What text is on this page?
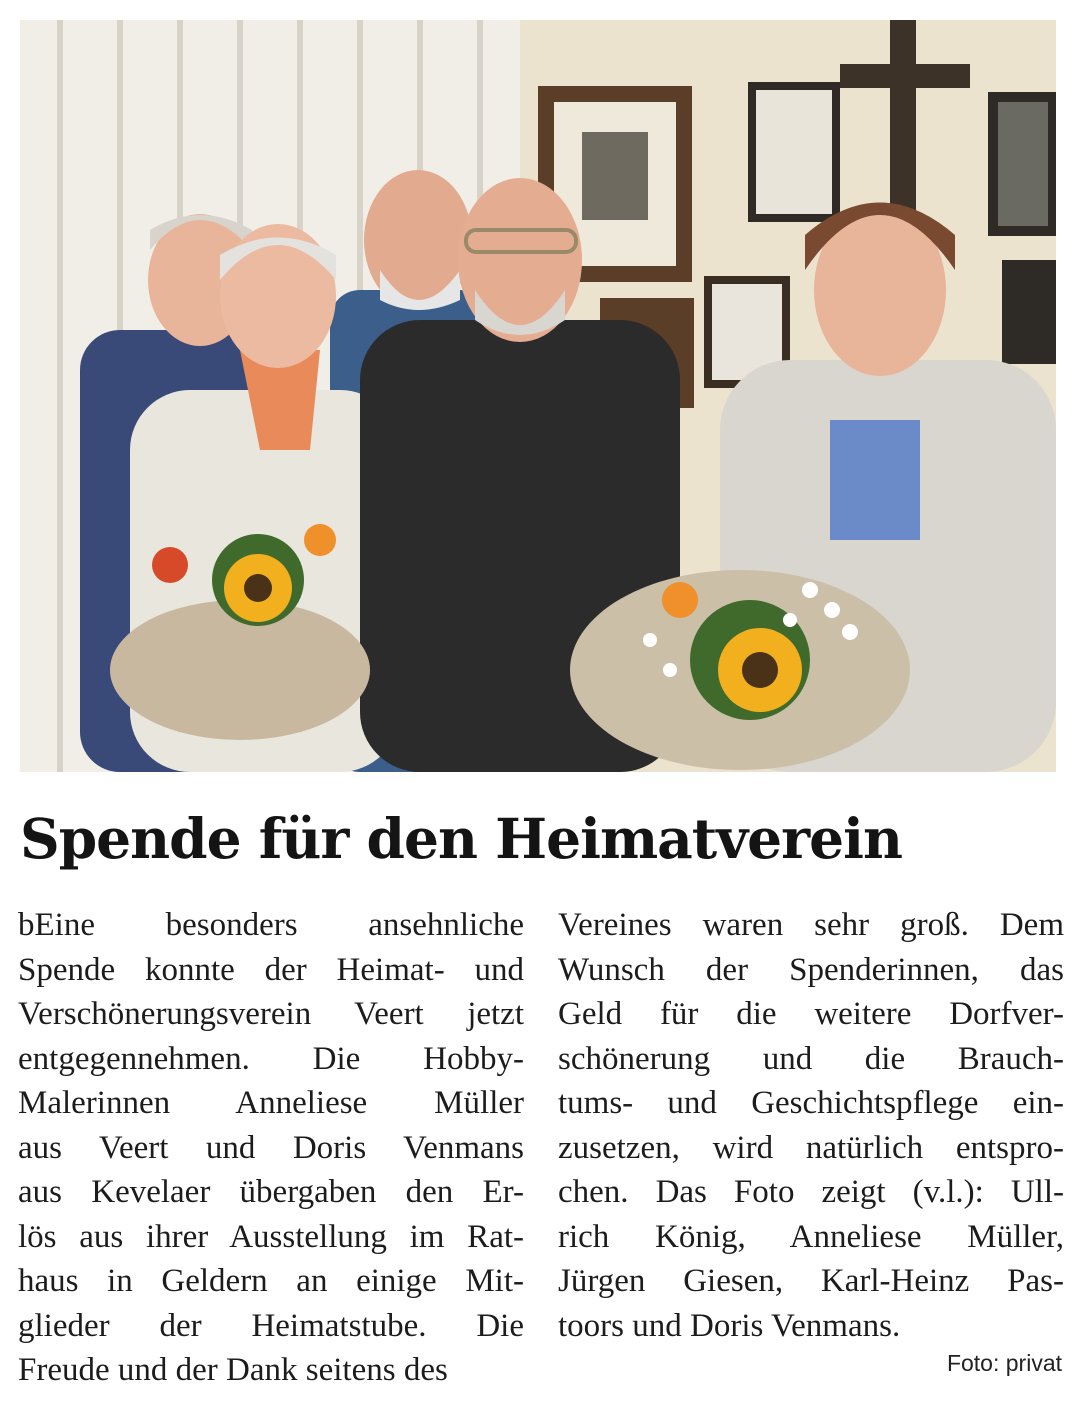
Spende für den Heimatverein
bEine besonders ansehnliche
Spende konnte der Heimat- und
Verschönerungsverein Veert jetzt
entgegennehmen. Die Hobby-
Malerinnen Anneliese Müller
aus Veert und Doris Venmans
aus Kevelaer übergaben den Er-
lös aus ihrer Ausstellung im Rat-
haus in Geldern an einige Mit-
glieder der Heimatstube. Die
Freude und der Dank seitens des
Vereines waren sehr groß. Dem
Wunsch der Spenderinnen, das
Geld für die weitere Dorfver-
schönerung und die Brauch-
tums- und Geschichtspflege ein-
zusetzen, wird natürlich entspro-
chen. Das Foto zeigt (v.l.): Ull-
rich König, Anneliese Müller,
Jürgen Giesen, Karl-Heinz Pas-
toors und Doris Venmans.
Foto: privat
